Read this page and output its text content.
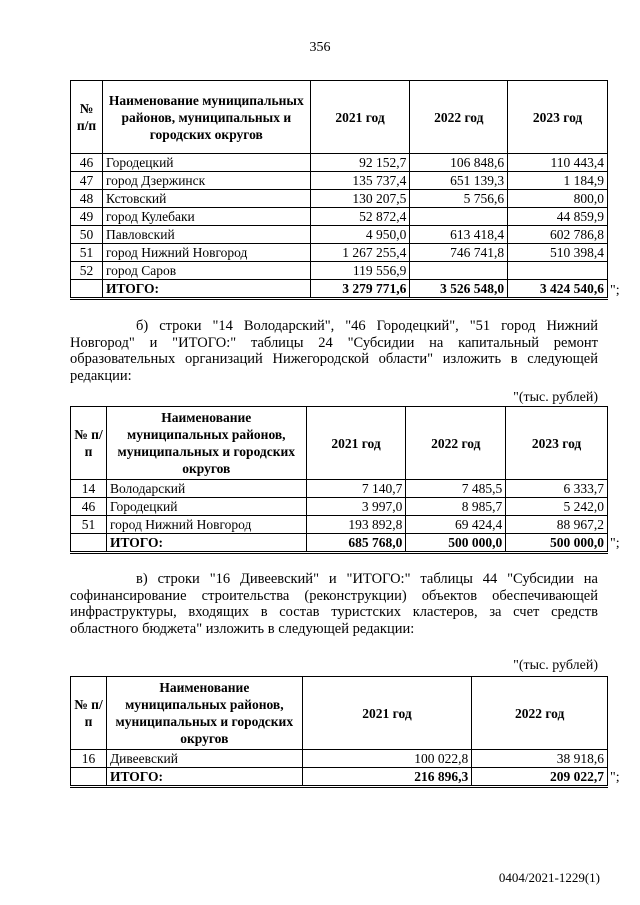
356
№ п/п	Наименование муниципальных районов, муниципальных и городских округов	2021 год	2022 год	2023 год
46	Городецкий	92 152,7	106 848,6	110 443,4
47	город Дзержинск	135 737,4	651 139,3	1 184,9
48	Кстовский	130 207,5	5 756,6	800,0
49	город Кулебаки	52 872,4		44 859,9
50	Павловский	4 950,0	613 418,4	602 786,8
51	город Нижний Новгород	1 267 255,4	746 741,8	510 398,4
52	город Саров	119 556,9		
	ИТОГО:	3 279 771,6	3 526 548,0	3 424 540,6 ";
б) строки "14 Володарский", "46 Городецкий", "51 город Нижний Новгород" и "ИТОГО:" таблицы 24 "Субсидии на капитальный ремонт образовательных организаций Нижегородской области" изложить в следующей редакции:
"(тыс. рублей)
№ п/п	Наименование муниципальных районов, муниципальных и городских округов	2021 год	2022 год	2023 год
14	Володарский	7 140,7	7 485,5	6 333,7
46	Городецкий	3 997,0	8 985,7	5 242,0
51	город Нижний Новгород	193 892,8	69 424,4	88 967,2
	ИТОГО:	685 768,0	500 000,0	500 000,0 ";
в) строки "16 Дивеевский" и "ИТОГО:" таблицы 44 "Субсидии на софинансирование строительства (реконструкции) объектов обеспечивающей инфраструктуры, входящих в состав туристских кластеров, за счет средств областного бюджета" изложить в следующей редакции:
"(тыс. рублей)
№ п/п	Наименование муниципальных районов, муниципальных и городских округов	2021 год	2022 год
16	Дивеевский	100 022,8	38 918,6
	ИТОГО:	216 896,3	209 022,7 ";
0404/2021-1229(1)
